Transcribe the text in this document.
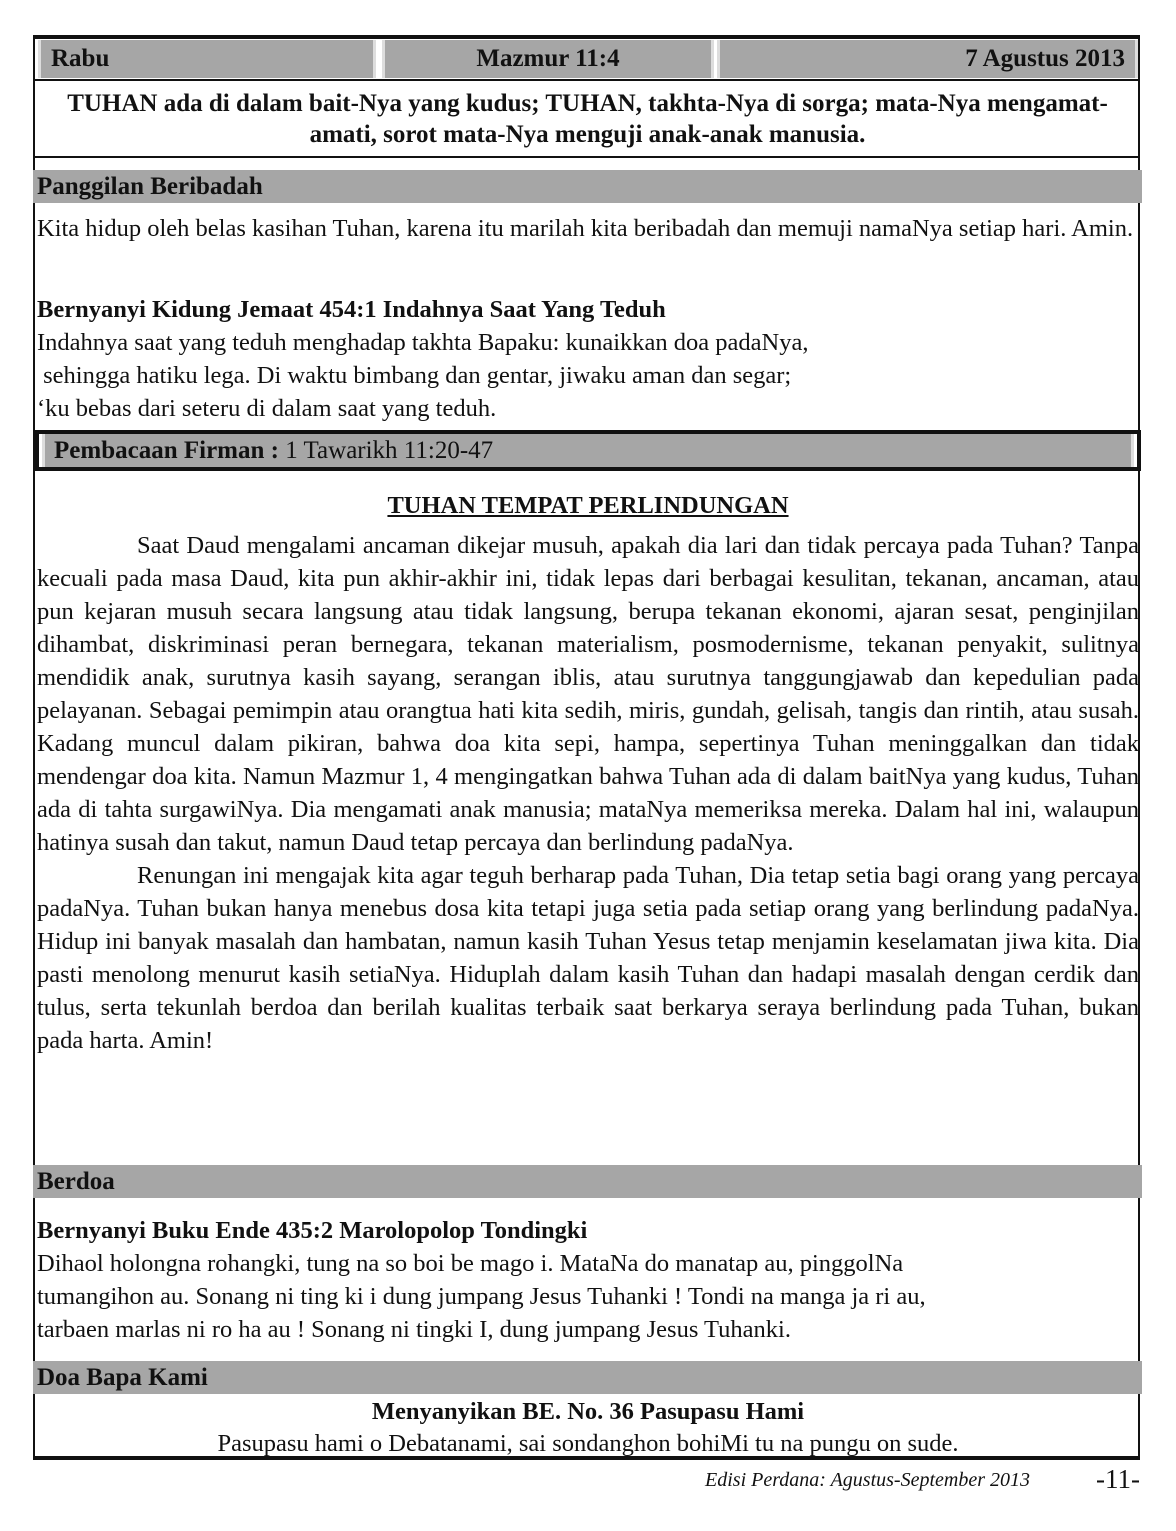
Rabu	Mazmur 11:4	7 Agustus 2013
TUHAN ada di dalam bait-Nya yang kudus; TUHAN, takhta-Nya di sorga; mata-Nya mengamat-amati, sorot mata-Nya menguji anak-anak manusia.
Panggilan Beribadah
Kita hidup oleh belas kasihan Tuhan, karena itu marilah kita beribadah dan memuji namaNya setiap hari. Amin.
Bernyanyi Kidung Jemaat 454:1 Indahnya Saat Yang Teduh
Indahnya saat yang teduh menghadap takhta Bapaku: kunaikkan doa padaNya,
sehingga hatiku lega. Di waktu bimbang dan gentar, jiwaku aman dan segar;
‘ku bebas dari seteru di dalam saat yang teduh.
Pembacaan Firman : 1 Tawarikh 11:20-47
TUHAN TEMPAT PERLINDUNGAN

Saat Daud mengalami ancaman dikejar musuh, apakah dia lari dan tidak percaya pada Tuhan? Tanpa kecuali pada masa Daud, kita pun akhir-akhir ini, tidak lepas dari berbagai kesulitan, tekanan, ancaman, atau pun kejaran musuh secara langsung atau tidak langsung, berupa tekanan ekonomi, ajaran sesat, penginjilan dihambat, diskriminasi peran bernegara, tekanan materialism, posmodernisme, tekanan penyakit, sulitnya mendidik anak, surutnya kasih sayang, serangan iblis, atau surutnya tanggungjawab dan kepedulian pada pelayanan. Sebagai pemimpin atau orangtua hati kita sedih, miris, gundah, gelisah, tangis dan rintih, atau susah. Kadang muncul dalam pikiran, bahwa doa kita sepi, hampa, sepertinya Tuhan meninggalkan dan tidak mendengar doa kita. Namun Mazmur 1, 4 mengingatkan bahwa Tuhan ada di dalam baitNya yang kudus, Tuhan ada di tahta surgawiNya. Dia mengamati anak manusia; mataNya memeriksa mereka. Dalam hal ini, walaupun hatinya susah dan takut, namun Daud tetap percaya dan berlindung padaNya.

Renungan ini mengajak kita agar teguh berharap pada Tuhan, Dia tetap setia bagi orang yang percaya padaNya. Tuhan bukan hanya menebus dosa kita tetapi juga setia pada setiap orang yang berlindung padaNya. Hidup ini banyak masalah dan hambatan, namun kasih Tuhan Yesus tetap menjamin keselamatan jiwa kita. Dia pasti menolong menurut kasih setiaNya. Hiduplah dalam kasih Tuhan dan hadapi masalah dengan cerdik dan tulus, serta tekunlah berdoa dan berilah kualitas terbaik saat berkarya seraya berlindung pada Tuhan, bukan pada harta. Amin!

Berdoa
Bernyanyi Buku Ende 435:2 Marolopolop Tondingki
Dihaol holongna rohangki, tung na so boi be mago i. MataNa do manatap au, pinggolNa
tumangihon au. Sonang ni ting ki i dung jumpang Jesus Tuhanki ! Tondi na manga ja ri au,
tarbaen marlas ni ro ha au ! Sonang ni tingki I, dung jumpang Jesus Tuhanki.
Doa Bapa Kami
Menyanyikan BE. No. 36 Pasupasu Hami
Pasupasu hami o Debatanami, sai sondanghon bohiMi tu na pungu on sude.
Edisi Perdana: Agustus-September 2013	-11-
